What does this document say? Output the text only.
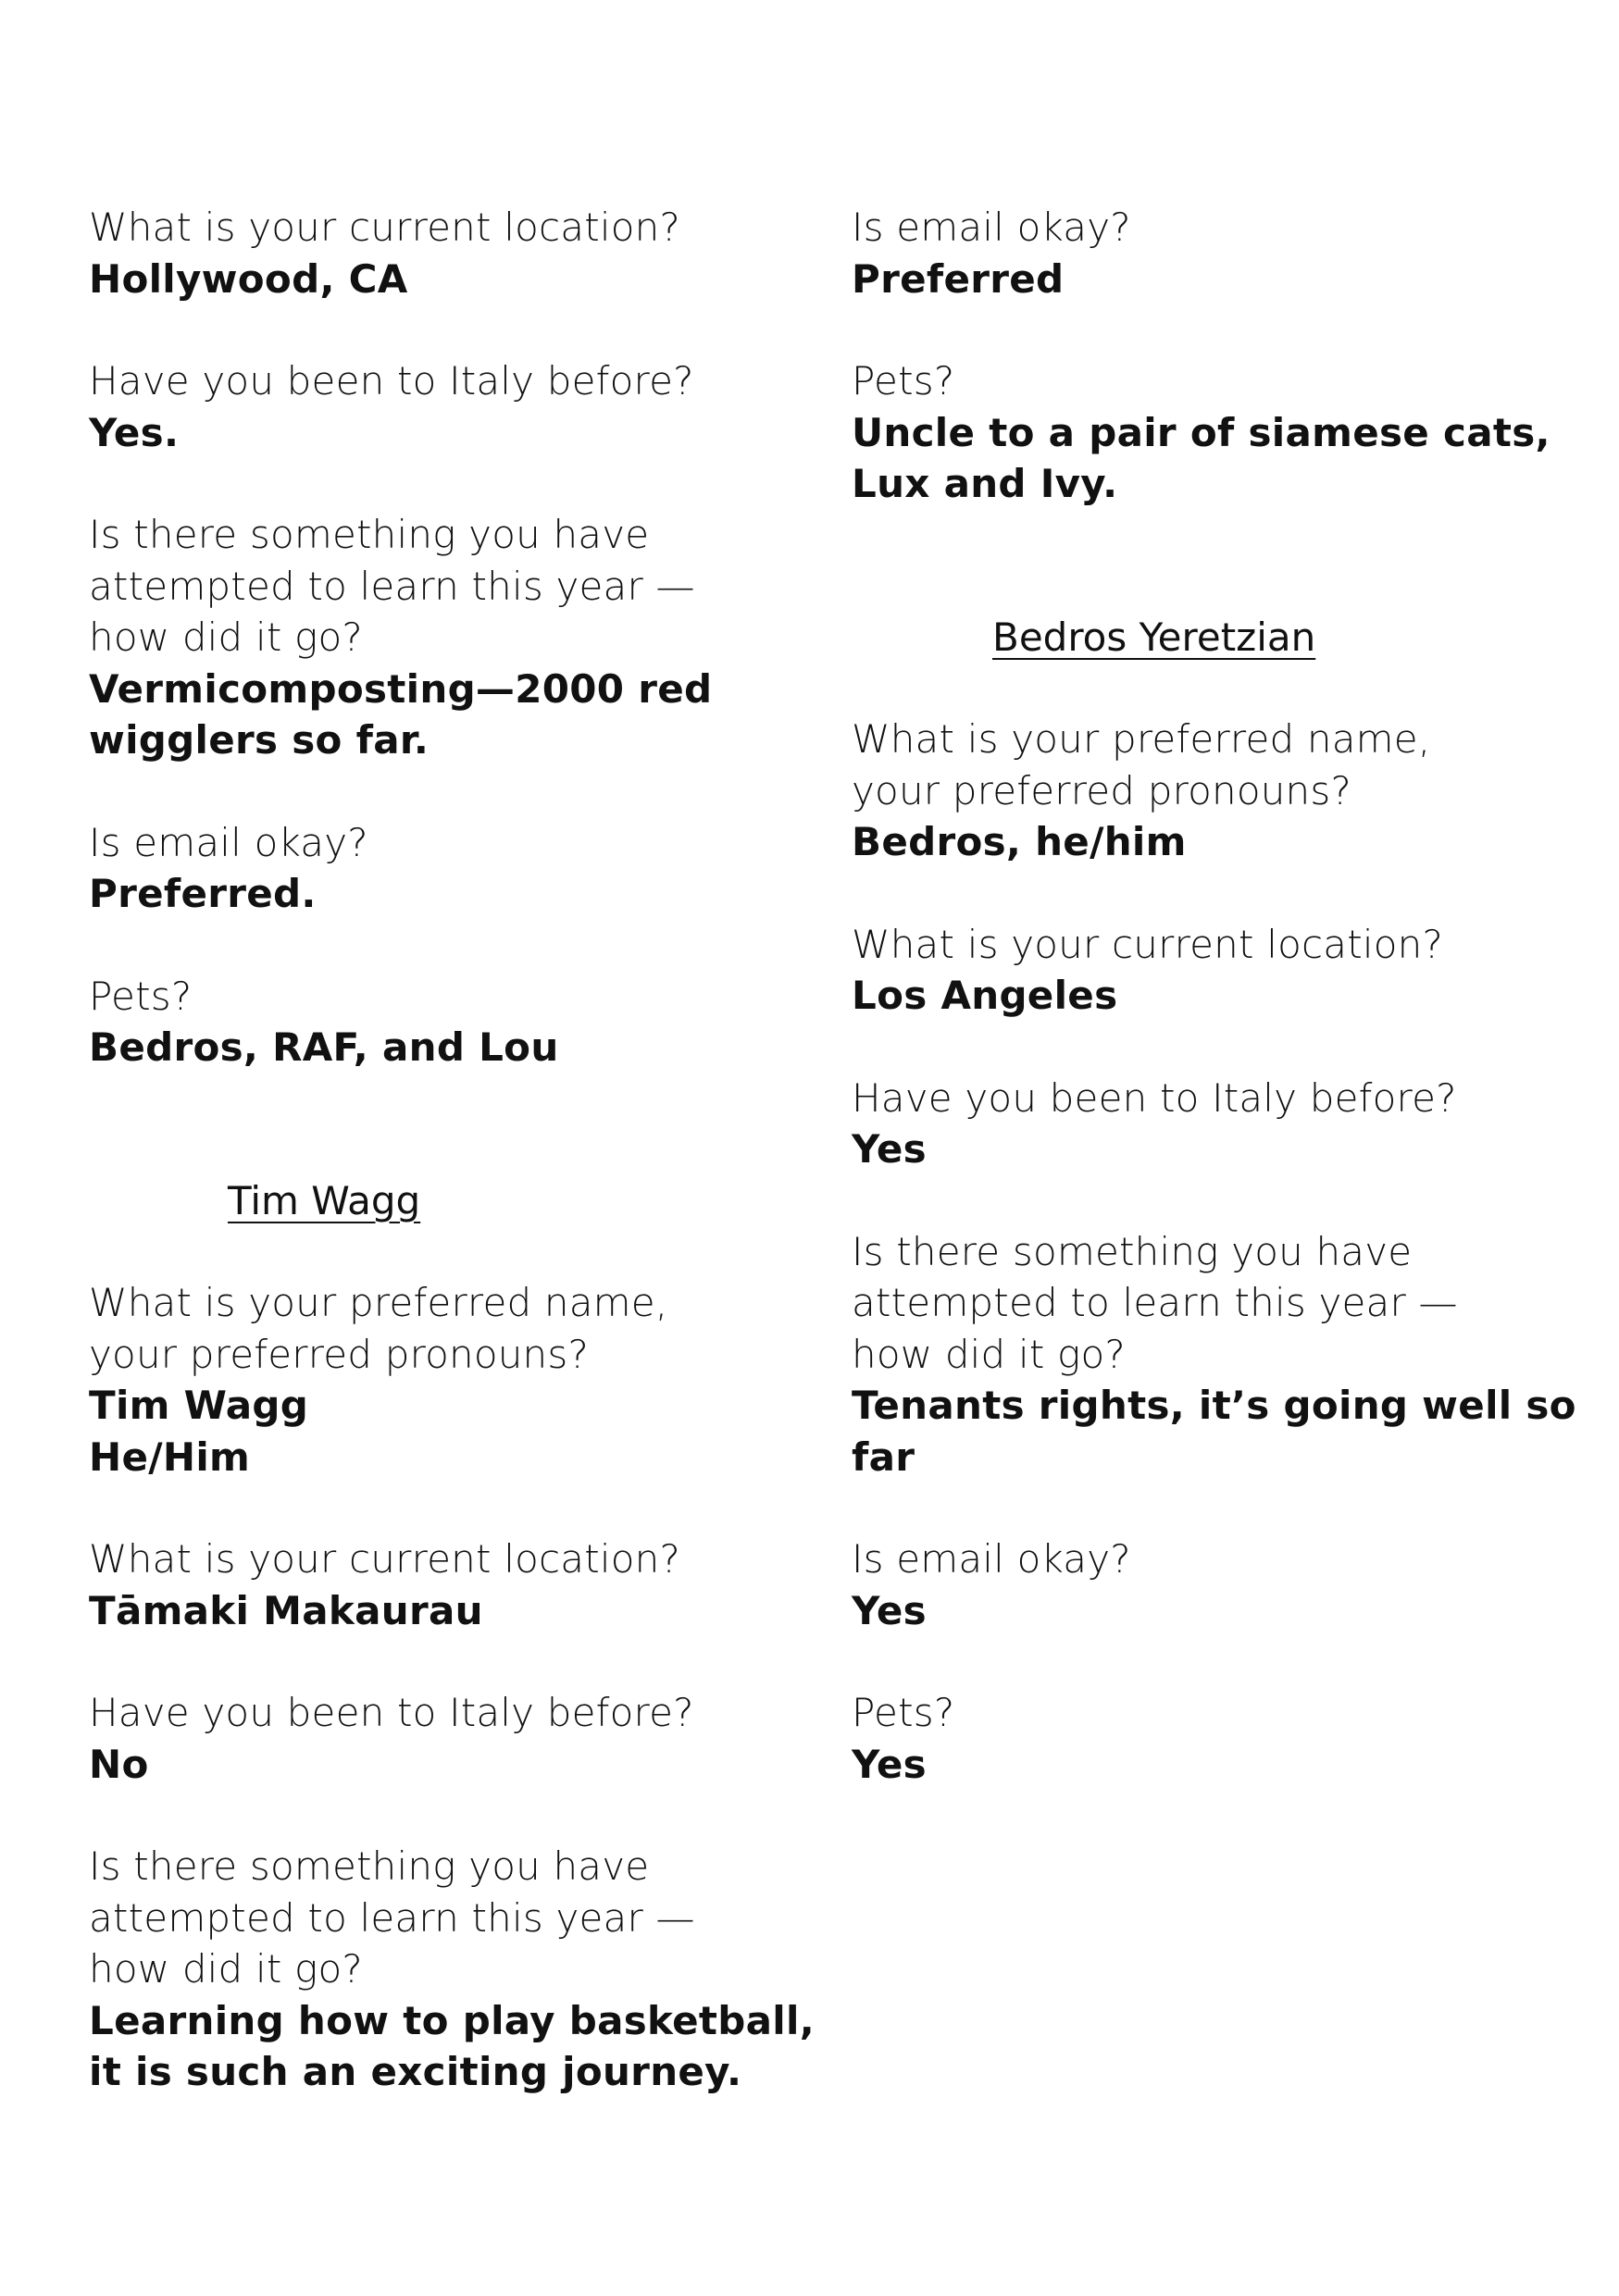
What is your current location?
Hollywood, CA
Have you been to Italy before?
Yes.
Is there something you have
attempted to learn this year —
how did it go?
Vermicomposting—2000 red
wigglers so far.
Is email okay?
Preferred.
Pets?
Bedros, RAF, and Lou
Tim Wagg
What is your preferred name,
your preferred pronouns?
Tim Wagg
He/Him
What is your current location?
Tāmaki Makaurau
Have you been to Italy before?
No
Is there something you have
attempted to learn this year —
how did it go?
Learning how to play basketball,
it is such an exciting journey.
Is email okay?
Preferred
Pets?
Uncle to a pair of siamese cats,
Lux and Ivy.
Bedros Yeretzian
What is your preferred name,
your preferred pronouns?
Bedros, he/him
What is your current location?
Los Angeles
Have you been to Italy before?
Yes
Is there something you have
attempted to learn this year —
how did it go?
Tenants rights, it’s going well so
far
Is email okay?
Yes
Pets?
Yes
